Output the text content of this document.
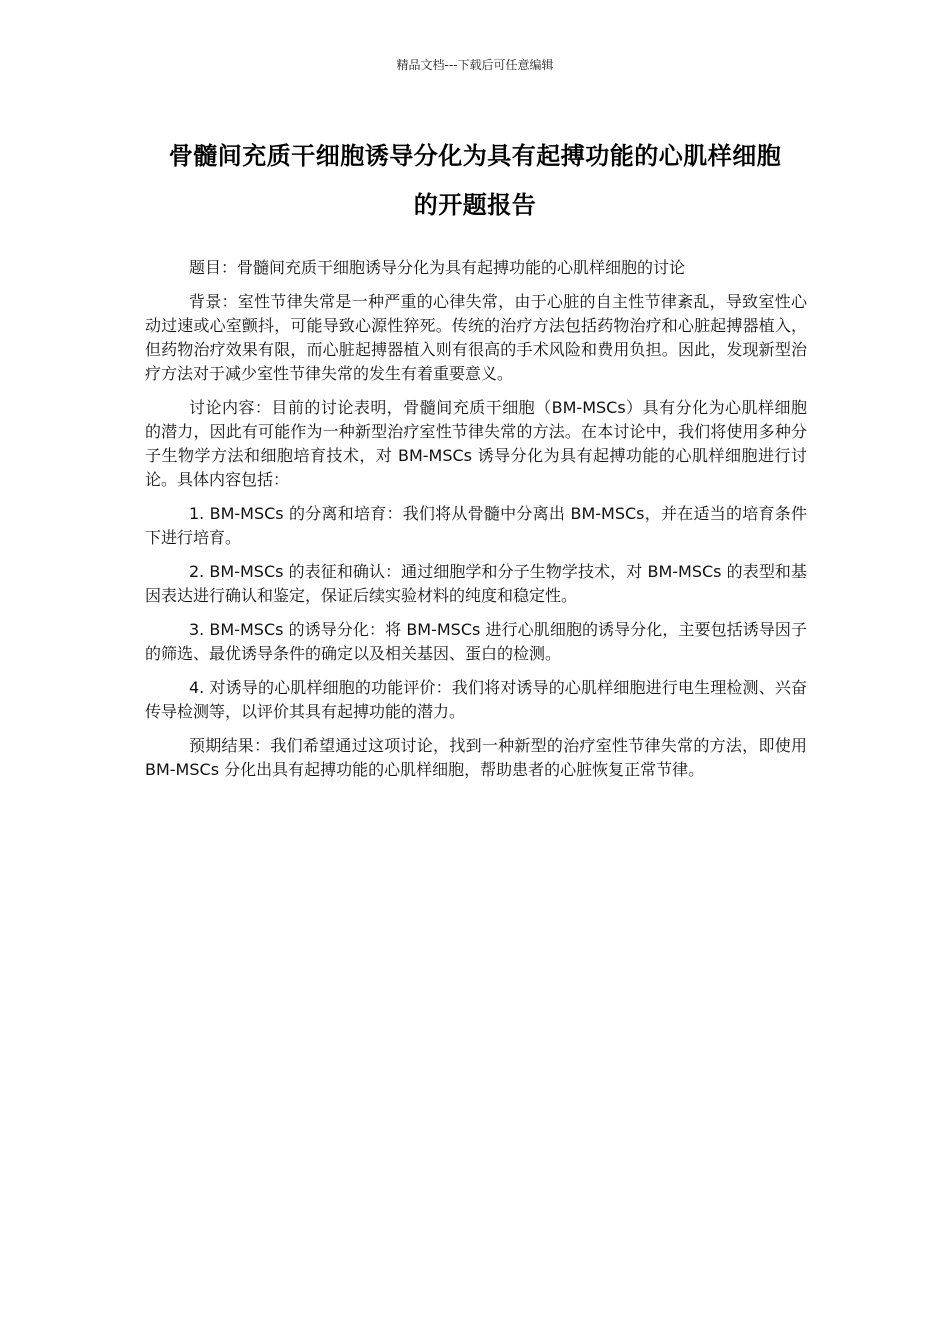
精品文档---下载后可任意编辑
骨髓间充质干细胞诱导分化为具有起搏功能的心肌样细胞
的开题报告

题目：骨髓间充质干细胞诱导分化为具有起搏功能的心肌样细胞的讨论

背景：室性节律失常是一种严重的心律失常，由于心脏的自主性节律紊乱，导致室性心动过速或心室颤抖，可能导致心源性猝死。传统的治疗方法包括药物治疗和心脏起搏器植入，但药物治疗效果有限，而心脏起搏器植入则有很高的手术风险和费用负担。因此，发现新型治疗方法对于减少室性节律失常的发生有着重要意义。

讨论内容：目前的讨论表明，骨髓间充质干细胞（BM-MSCs）具有分化为心肌样细胞的潜力，因此有可能作为一种新型治疗室性节律失常的方法。在本讨论中，我们将使用多种分子生物学方法和细胞培育技术，对 BM-MSCs 诱导分化为具有起搏功能的心肌样细胞进行讨论。具体内容包括：

1. BM-MSCs 的分离和培育：我们将从骨髓中分离出 BM-MSCs，并在适当的培育条件下进行培育。

2. BM-MSCs 的表征和确认：通过细胞学和分子生物学技术，对 BM-MSCs 的表型和基因表达进行确认和鉴定，保证后续实验材料的纯度和稳定性。

3. BM-MSCs 的诱导分化：将 BM-MSCs 进行心肌细胞的诱导分化，主要包括诱导因子的筛选、最优诱导条件的确定以及相关基因、蛋白的检测。

4. 对诱导的心肌样细胞的功能评价：我们将对诱导的心肌样细胞进行电生理检测、兴奋传导检测等，以评价其具有起搏功能的潜力。

预期结果：我们希望通过这项讨论，找到一种新型的治疗室性节律失常的方法，即使用 BM-MSCs 分化出具有起搏功能的心肌样细胞，帮助患者的心脏恢复正常节律。
